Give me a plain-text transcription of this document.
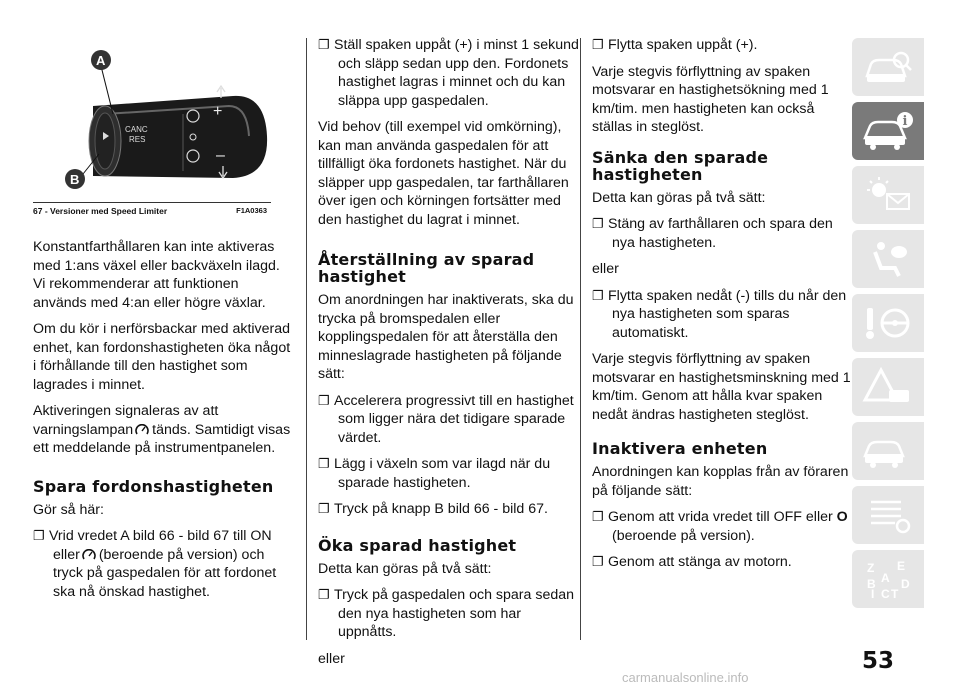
CANC
RES
+
–
A
B
67 - Versioner med Speed Limiter	F1A0363

Konstantfarthållaren kan inte aktiveras med 1:ans växel eller backväxeln ilagd. Vi rekommenderar att funktionen används med 4:an eller högre växlar.

Om du kör i nerförsbackar med aktiverad enhet, kan fordonshastigheten öka något i förhållande till den hastighet som lagrades i minnet.

Aktiveringen signaleras av att varningslampan tänds. Samtidigt visas ett meddelande på instrumentpanelen.

Spara fordonshastigheten

Gör så här:

❐ Vrid vredet A bild 66 - bild 67 till ON eller (beroende på version) och tryck på gaspedalen för att fordonet ska nå önskad hastighet.

❐ Ställ spaken uppåt (+) i minst 1 sekund och släpp sedan upp den. Fordonets hastighet lagras i minnet och du kan släppa upp gaspedalen.

Vid behov (till exempel vid omkörning), kan man använda gaspedalen för att tillfälligt öka fordonets hastighet. När du släpper upp gaspedalen, tar farthållaren över igen och körningen fortsätter med den hastighet du lagrat i minnet.

Återställning av sparad hastighet

Om anordningen har inaktiverats, ska du trycka på bromspedalen eller kopplingspedalen för att återställa den minneslagrade hastigheten på följande sätt:

❐ Accelerera progressivt till en hastighet som ligger nära det tidigare sparade värdet.

❐ Lägg i växeln som var ilagd när du sparade hastigheten.

❐ Tryck på knapp B bild 66 - bild 67.

Öka sparad hastighet

Detta kan göras på två sätt:

❐ Tryck på gaspedalen och spara sedan den nya hastigheten som har uppnåtts.

eller

❐ Flytta spaken uppåt (+).

Varje stegvis förflyttning av spaken motsvarar en hastighetsökning med 1 km/tim. men hastigheten kan också ställas in steglöst.

Sänka den sparade hastigheten

Detta kan göras på två sätt:

❐ Stäng av farthållaren och spara den nya hastigheten.

eller

❐ Flytta spaken nedåt (-) tills du når den nya hastigheten som sparas automatiskt.

Varje stegvis förflyttning av spaken motsvarar en hastighetsminskning med 1 km/tim. Genom att hålla kvar spaken nedåt ändras hastigheten steglöst.

Inaktivera enheten

Anordningen kan kopplas från av föraren på följande sätt:

❐ Genom att vrida vredet till OFF eller O
(beroende på version).

❐ Genom att stänga av motorn.

i
Z E
A
B D
I C T
53
carmanualsonline.info
